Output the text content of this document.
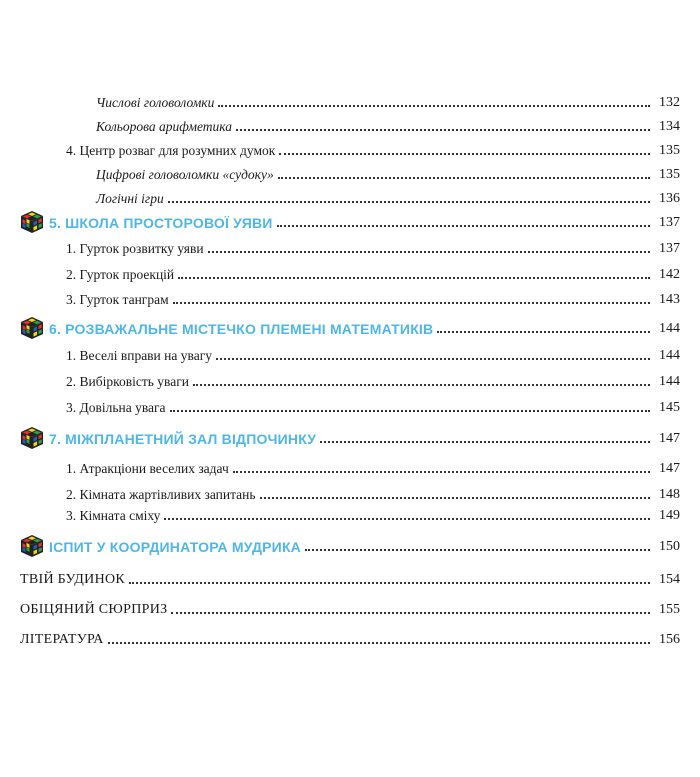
Числові головоломки	132
Кольорова арифметика	134
4. Центр розваг для розумних думок	135
Цифрові головоломки «судоку»	135
Логічні ігри	136
5. ШКОЛА ПРОСТОРОВОЇ УЯВИ	137
1. Гурток розвитку уяви	137
2. Гурток проекцій	142
3. Гурток танграм	143
6. РОЗВАЖАЛЬНЕ МІСТЕЧКО ПЛЕМЕНІ МАТЕМАТИКІВ	144
1. Веселі вправи на увагу	144
2. Вибірковість уваги	144
3. Довільна увага	145
7. МІЖПЛАНЕТНИЙ ЗАЛ ВІДПОЧИНКУ	147
1. Атракціони веселих задач	147
2. Кімната жартівливих запитань	148
3. Кімната сміху	149
ІСПИТ У КООРДИНАТОРА МУДРИКА	150
ТВІЙ БУДИНОК	154
ОБІЦЯНИЙ СЮРПРИЗ	155
ЛІТЕРАТУРА	156
